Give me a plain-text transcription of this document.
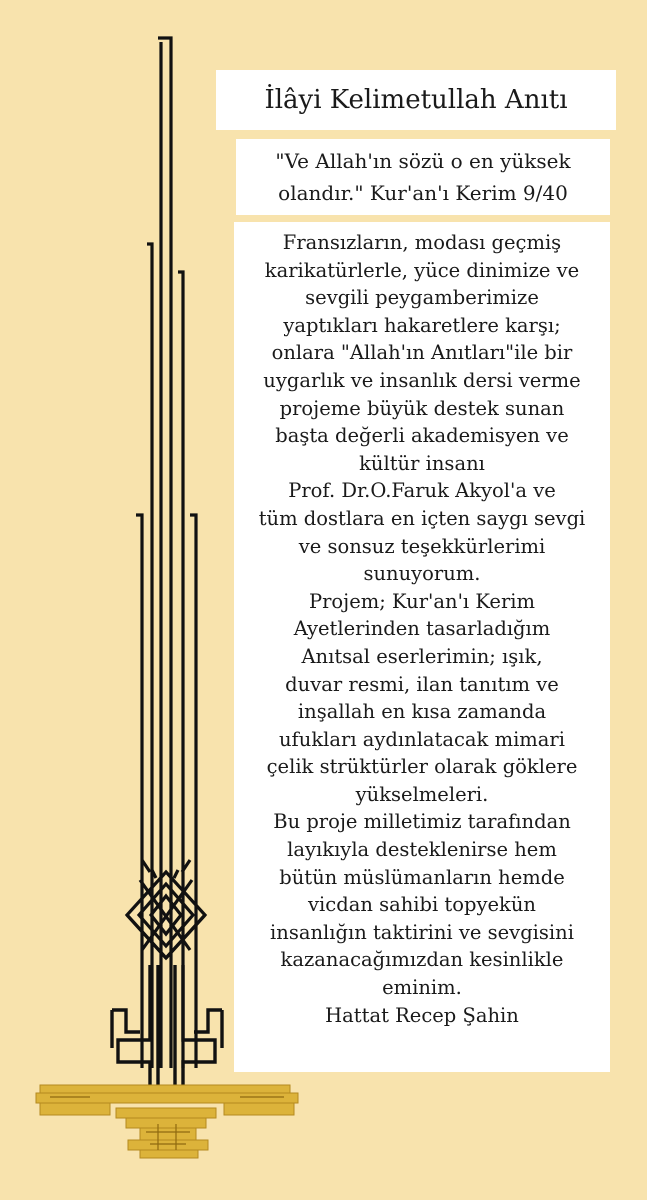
İlâyi Kelimetullah Anıtı
"Ve Allah'ın sözü o en yüksek
olandır." Kur'an'ı Kerim 9/40
Fransızların, modası geçmiş
karikatürlerle, yüce dinimize ve
sevgili peygamberimize
yaptıkları hakaretlere karşı;
onlara "Allah'ın Anıtları"ile bir
uygarlık ve insanlık dersi verme
projeme büyük destek sunan
başta değerli akademisyen ve
kültür insanı
Prof. Dr.O.Faruk Akyol'a ve
tüm dostlara en içten saygı sevgi
ve sonsuz teşekkürlerimi
sunuyorum.
Projem; Kur'an'ı Kerim
Ayetlerinden tasarladığım
Anıtsal eserlerimin; ışık,
duvar resmi, ilan tanıtım ve
inşallah en kısa zamanda
ufukları aydınlatacak mimari
çelik strüktürler olarak göklere
yükselmeleri.
Bu proje milletimiz tarafından
layıkıyla desteklenirse hem
bütün müslümanların hemde
vicdan sahibi topyekün
insanlığın taktirini ve sevgisini
kazanacağımızdan kesinlikle
eminim.
Hattat Recep Şahin
